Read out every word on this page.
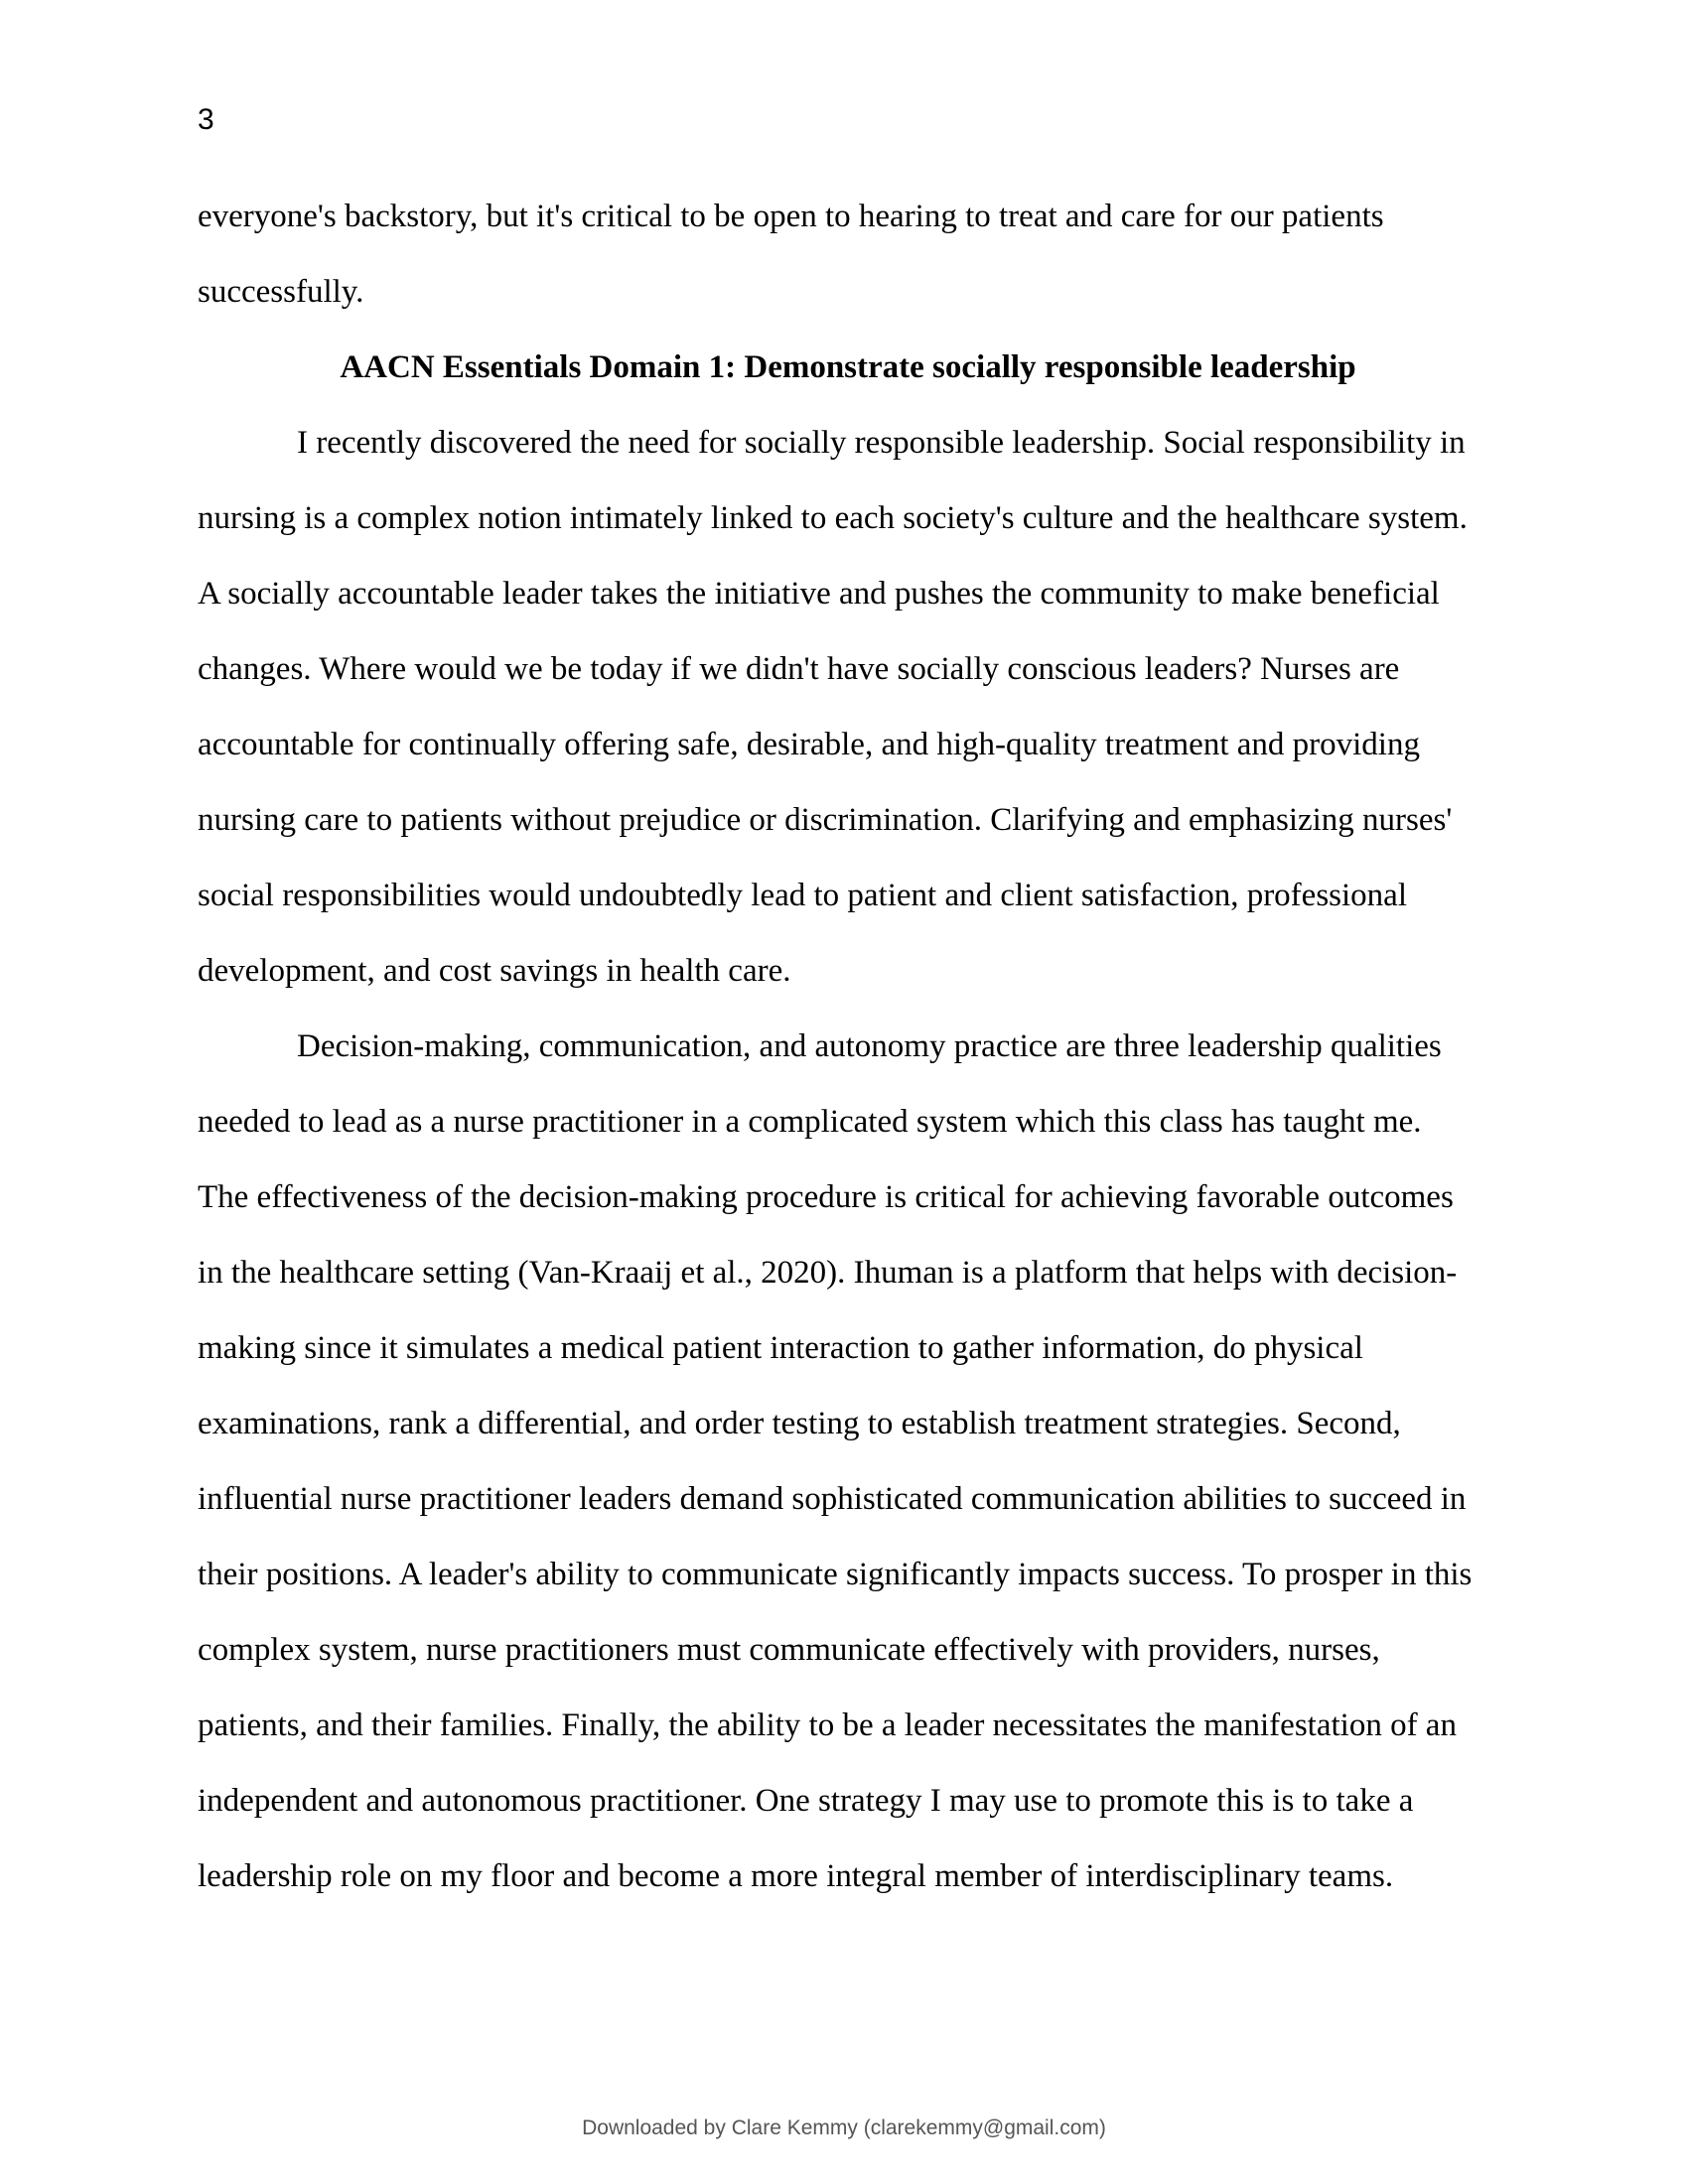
3
everyone's backstory, but it's critical to be open to hearing to treat and care for our patients
successfully.
AACN Essentials Domain 1: Demonstrate socially responsible leadership
I recently discovered the need for socially responsible leadership. Social responsibility in
nursing is a complex notion intimately linked to each society's culture and the healthcare system.
A socially accountable leader takes the initiative and pushes the community to make beneficial
changes. Where would we be today if we didn't have socially conscious leaders? Nurses are
accountable for continually offering safe, desirable, and high-quality treatment and providing
nursing care to patients without prejudice or discrimination. Clarifying and emphasizing nurses'
social responsibilities would undoubtedly lead to patient and client satisfaction, professional
development, and cost savings in health care.
Decision-making, communication, and autonomy practice are three leadership qualities
needed to lead as a nurse practitioner in a complicated system which this class has taught me.
The effectiveness of the decision-making procedure is critical for achieving favorable outcomes
in the healthcare setting (Van-Kraaij et al., 2020). Ihuman is a platform that helps with decision-
making since it simulates a medical patient interaction to gather information, do physical
examinations, rank a differential, and order testing to establish treatment strategies. Second,
influential nurse practitioner leaders demand sophisticated communication abilities to succeed in
their positions. A leader's ability to communicate significantly impacts success. To prosper in this
complex system, nurse practitioners must communicate effectively with providers, nurses,
patients, and their families. Finally, the ability to be a leader necessitates the manifestation of an
independent and autonomous practitioner. One strategy I may use to promote this is to take a
leadership role on my floor and become a more integral member of interdisciplinary teams.
Downloaded by Clare Kemmy (clarekemmy@gmail.com)
